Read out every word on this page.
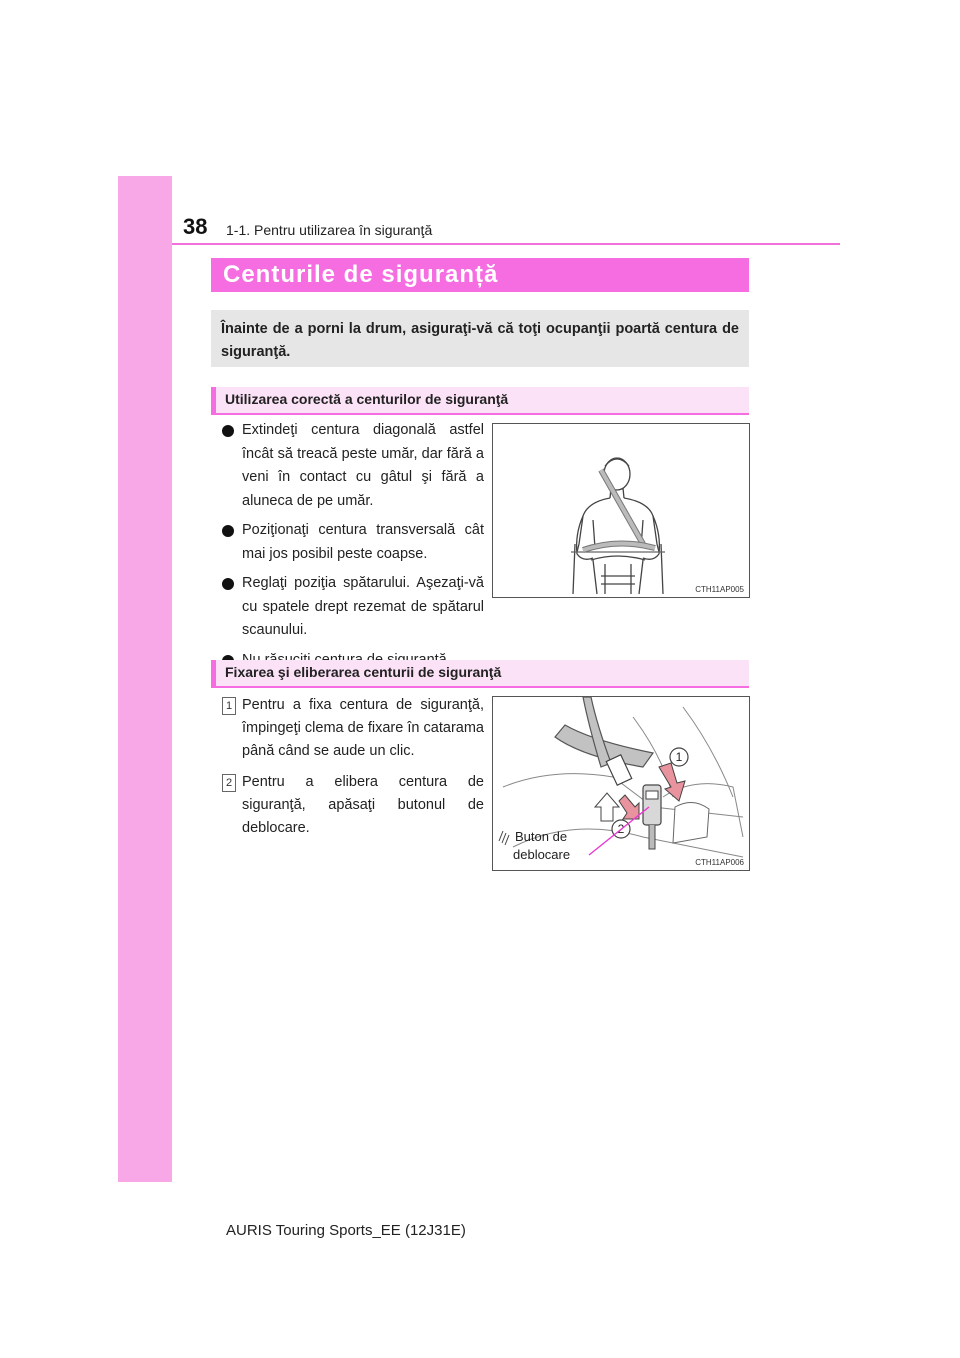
38 1-1. Pentru utilizarea în siguranţă
Centurile de siguranță

Înainte de a porni la drum, asiguraţi-vă că toţi ocupanţii poartă centura de siguranţă.

Utilizarea corectă a centurilor de siguranţă
Extindeţi centura diagonală astfel încât să treacă peste umăr, dar fără a veni în contact cu gâtul şi fără a aluneca de pe umăr.
Poziţionaţi centura transversală cât mai jos posibil peste coapse.
Reglaţi poziţia spătarului. Aşezaţi-vă cu spatele drept rezemat de spătarul scaunului.
CTH11AP005
Fixarea şi eliberarea centurii de siguranţă
1 Pentru a fixa centura de siguranţă, împingeţi clema de fixare în catarama până când se aude un clic.
2 Pentru a elibera centura de siguranţă, apăsaţi butonul de deblocare.
1
2
Buton de
deblocare
CTH11AP006
AURIS Touring Sports_EE (12J31E)
